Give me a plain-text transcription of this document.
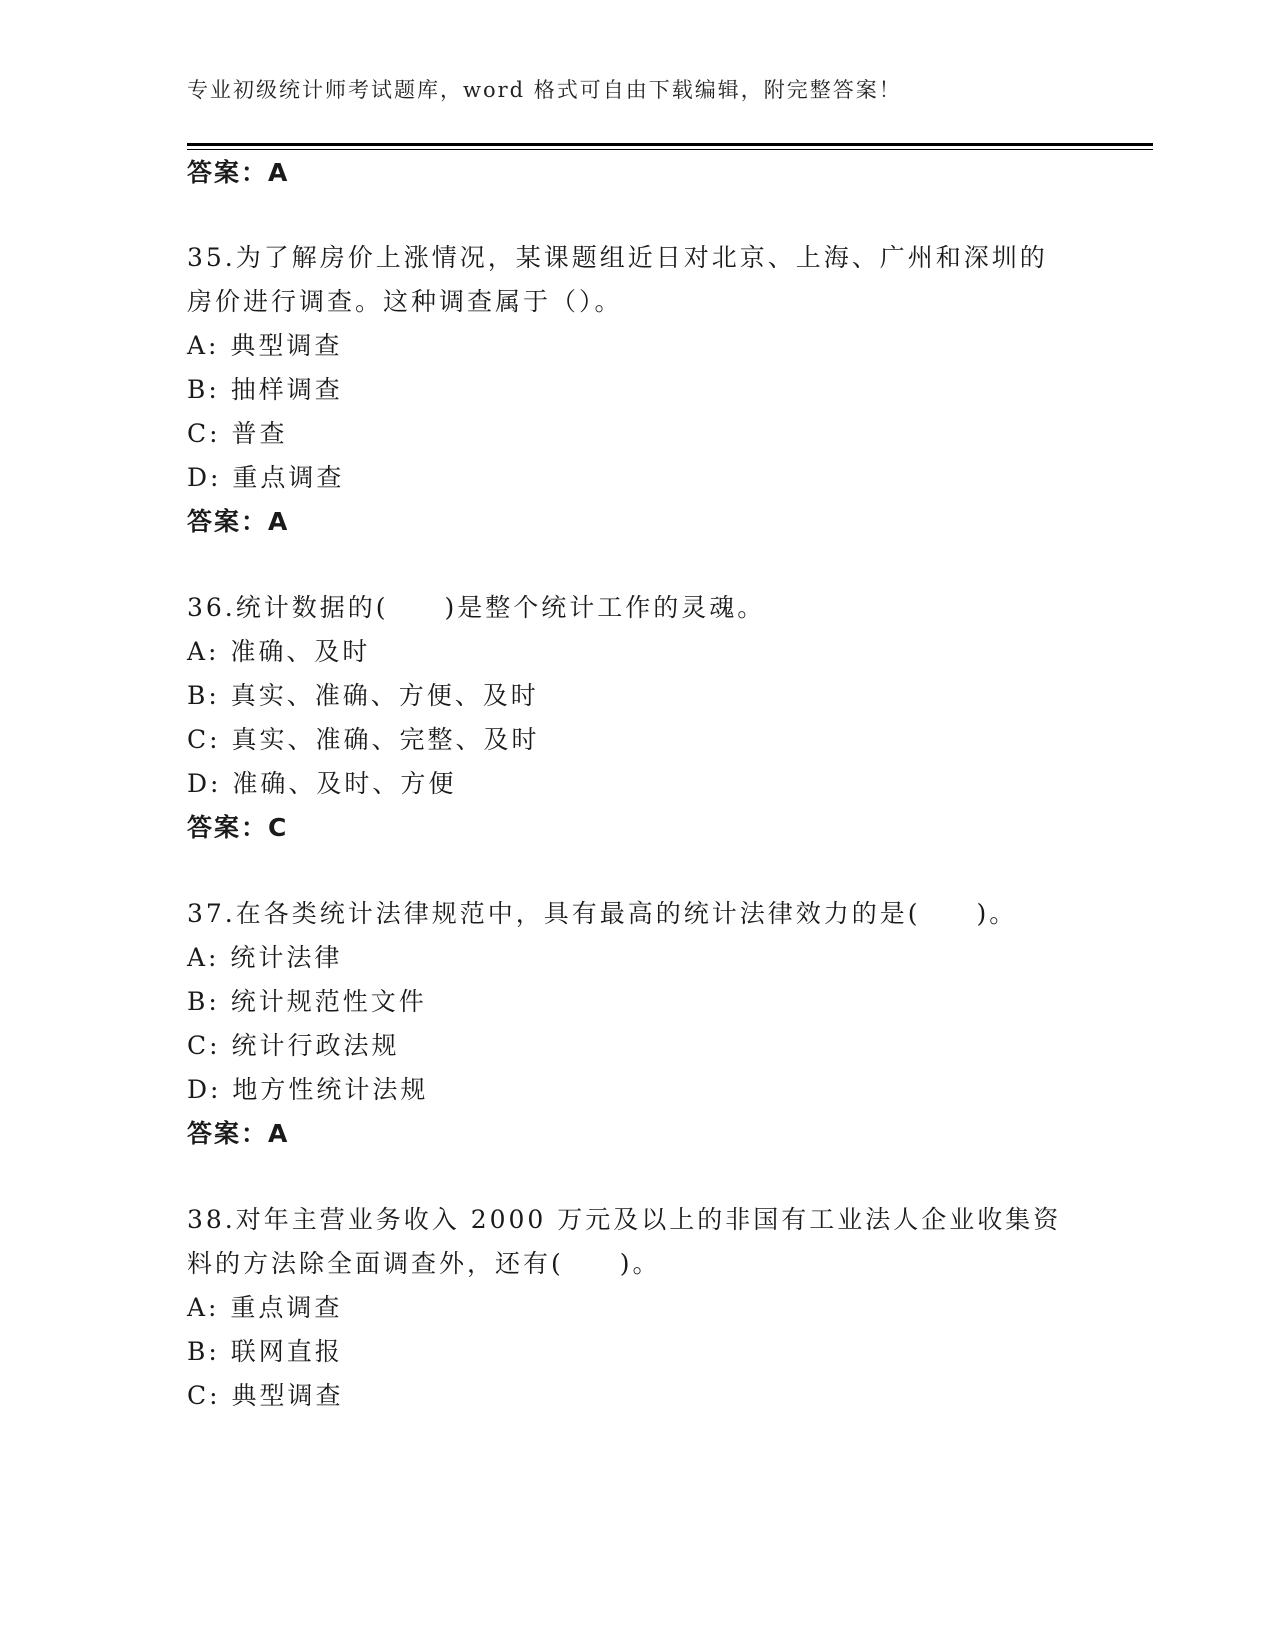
专业初级统计师考试题库，word 格式可自由下载编辑，附完整答案！
答案：A
35.为了解房价上涨情况，某课题组近日对北京、上海、广州和深圳的
房价进行调查。这种调查属于（）。
A: 典型调查
B: 抽样调查
C: 普查
D: 重点调查
答案：A
36.统计数据的(　　)是整个统计工作的灵魂。
A: 准确、及时
B: 真实、准确、方便、及时
C: 真实、准确、完整、及时
D: 准确、及时、方便
答案：C
37.在各类统计法律规范中，具有最高的统计法律效力的是(　　)。
A: 统计法律
B: 统计规范性文件
C: 统计行政法规
D: 地方性统计法规
答案：A
38.对年主营业务收入 2000 万元及以上的非国有工业法人企业收集资
料的方法除全面调查外，还有(　　)。
A: 重点调查
B: 联网直报
C: 典型调查
